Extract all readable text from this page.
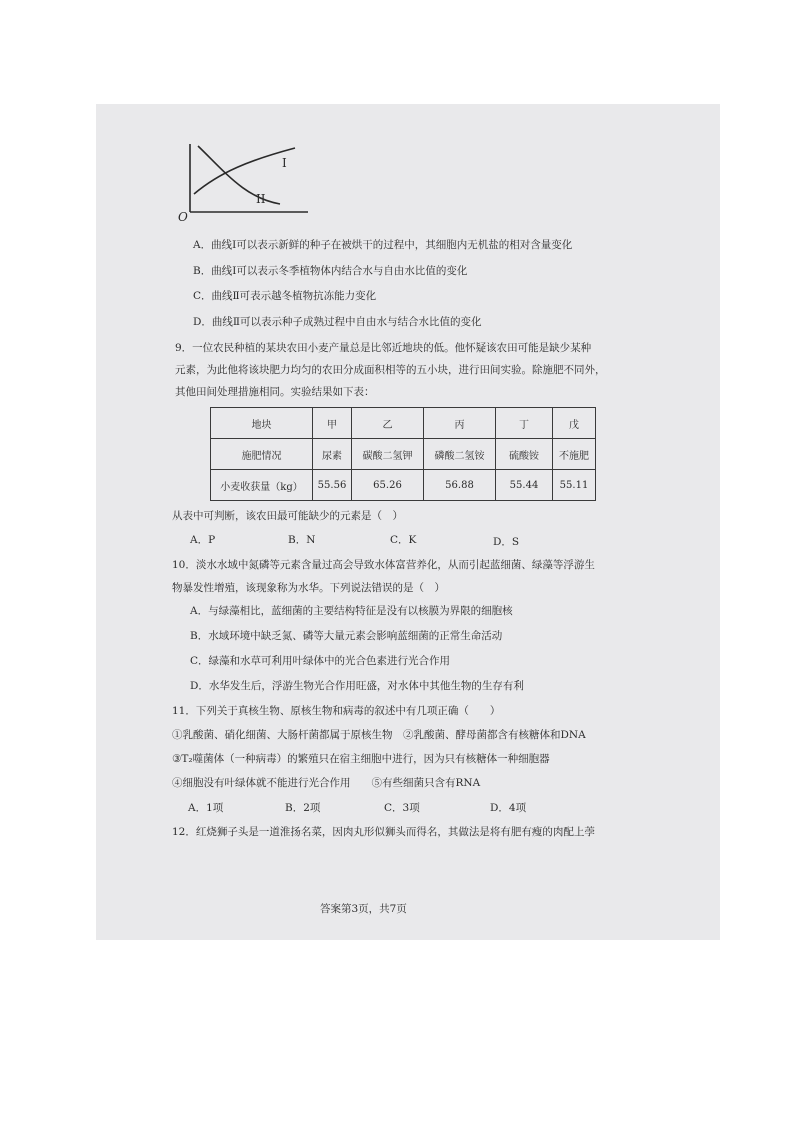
I
II
O
A．曲线Ⅰ可以表示新鲜的种子在被烘干的过程中，其细胞内无机盐的相对含量变化
B．曲线Ⅰ可以表示冬季植物体内结合水与自由水比值的变化
C．曲线Ⅱ可表示越冬植物抗冻能力变化
D．曲线Ⅱ可以表示种子成熟过程中自由水与结合水比值的变化
9．一位农民种植的某块农田小麦产量总是比邻近地块的低。他怀疑该农田可能是缺少某种
元素，为此他将该块肥力均匀的农田分成面积相等的五小块，进行田间实验。除施肥不同外，
其他田间处理措施相同。实验结果如下表：
地块	甲	乙	丙	丁	戊
施肥情况	尿素	碳酸二氢钾	磷酸二氢铵	硫酸铵	不施肥
小麦收获量（kg）	55.56	65.26	56.88	55.44	55.11
从表中可判断，该农田最可能缺少的元素是（　）
A．P	B．N	C．K	D．S
10．淡水水域中氮磷等元素含量过高会导致水体富营养化，从而引起蓝细菌、绿藻等浮游生
物暴发性增殖，该现象称为水华。下列说法错误的是（　）
A．与绿藻相比，蓝细菌的主要结构特征是没有以核膜为界限的细胞核
B．水域环境中缺乏氮、磷等大量元素会影响蓝细菌的正常生命活动
C．绿藻和水草可利用叶绿体中的光合色素进行光合作用
D．水华发生后，浮游生物光合作用旺盛，对水体中其他生物的生存有利
11．下列关于真核生物、原核生物和病毒的叙述中有几项正确（　　）
①乳酸菌、硝化细菌、大肠杆菌都属于原核生物　②乳酸菌、酵母菌都含有核糖体和DNA
③T₂噬菌体（一种病毒）的繁殖只在宿主细胞中进行，因为只有核糖体一种细胞器
④细胞没有叶绿体就不能进行光合作用　　⑤有些细菌只含有RNA
A．1项	B．2项	C．3项	D．4项
12．红烧狮子头是一道淮扬名菜，因肉丸形似狮头而得名，其做法是将有肥有瘦的肉配上荸
答案第3页，共7页
